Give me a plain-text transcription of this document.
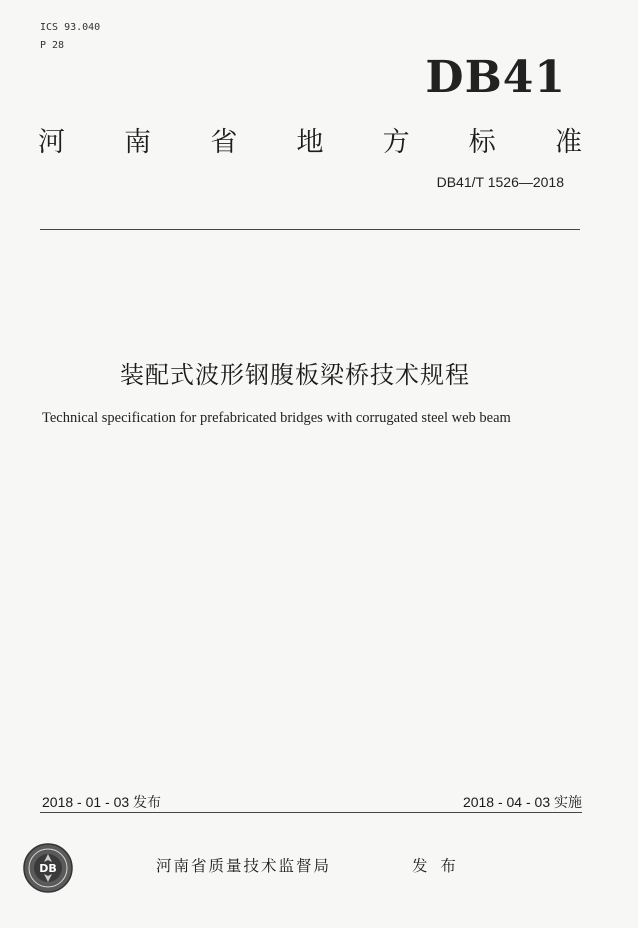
ICS 93.040
P 28
DB41
河 南 省 地 方 标 准
DB41/T 1526—2018
装配式波形钢腹板梁桥技术规程
Technical specification for prefabricated bridges with corrugated steel web beam
2018 - 01 - 03 发布	2018 - 04 - 03 实施
DB	河南省质量技术监督局	发 布
